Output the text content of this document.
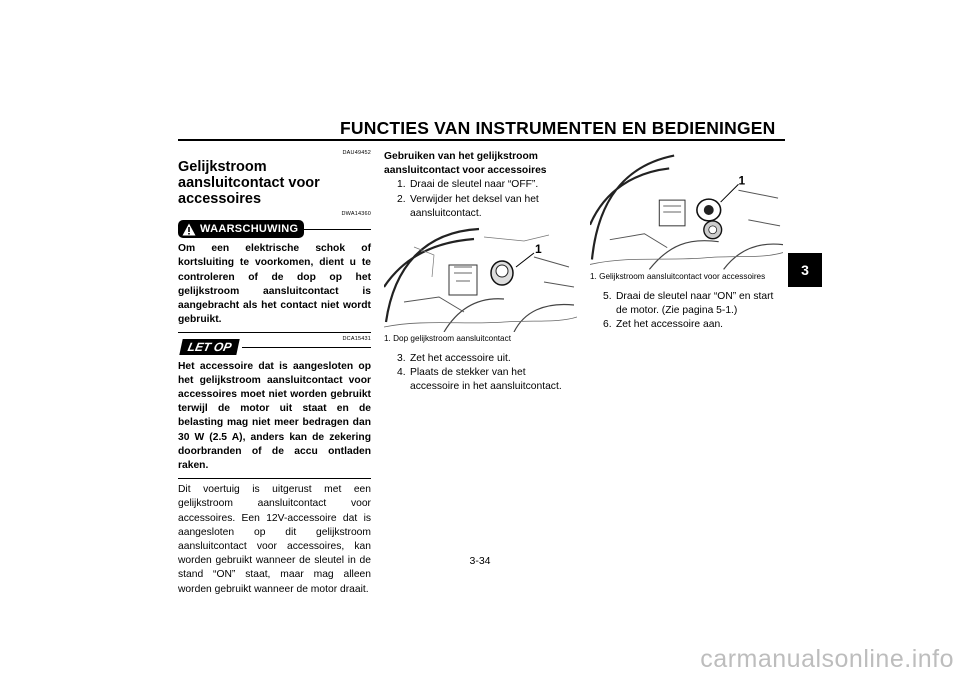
FUNCTIES VAN INSTRUMENTEN EN BEDIENINGEN
3
DAU49452
Gelijkstroom aansluitcontact voor accessoires
DWA14360
WAARSCHUWING
Om een elektrische schok of kortsluiting te voorkomen, dient u te controleren of de dop op het gelijkstroom aansluitcontact is aangebracht als het contact niet wordt gebruikt.
DCA15431
LET OP
Het accessoire dat is aangesloten op het gelijkstroom aansluitcontact voor accessoires moet niet worden gebruikt terwijl de motor uit staat en de belasting mag niet meer bedragen dan 30 W (2.5 A), anders kan de zekering doorbranden of de accu ontladen raken.
Dit voertuig is uitgerust met een gelijkstroom aansluitcontact voor accessoires. Een 12V-accessoire dat is aangesloten op dit gelijkstroom aansluitcontact voor accessoires, kan worden gebruikt wanneer de sleutel in de stand “ON” staat, maar mag alleen worden gebruikt wanneer de motor draait.
Gebruiken van het gelijkstroom aansluitcontact voor accessoires
1. Draai de sleutel naar “OFF”.
2. Verwijder het deksel van het aansluitcontact.
1
1. Dop gelijkstroom aansluitcontact
3. Zet het accessoire uit.
4. Plaats de stekker van het accessoire in het aansluitcontact.
1
1. Gelijkstroom aansluitcontact voor accessoires
5. Draai de sleutel naar “ON” en start de motor. (Zie pagina 5-1.)
6. Zet het accessoire aan.
3-34
carmanualsonline.info
